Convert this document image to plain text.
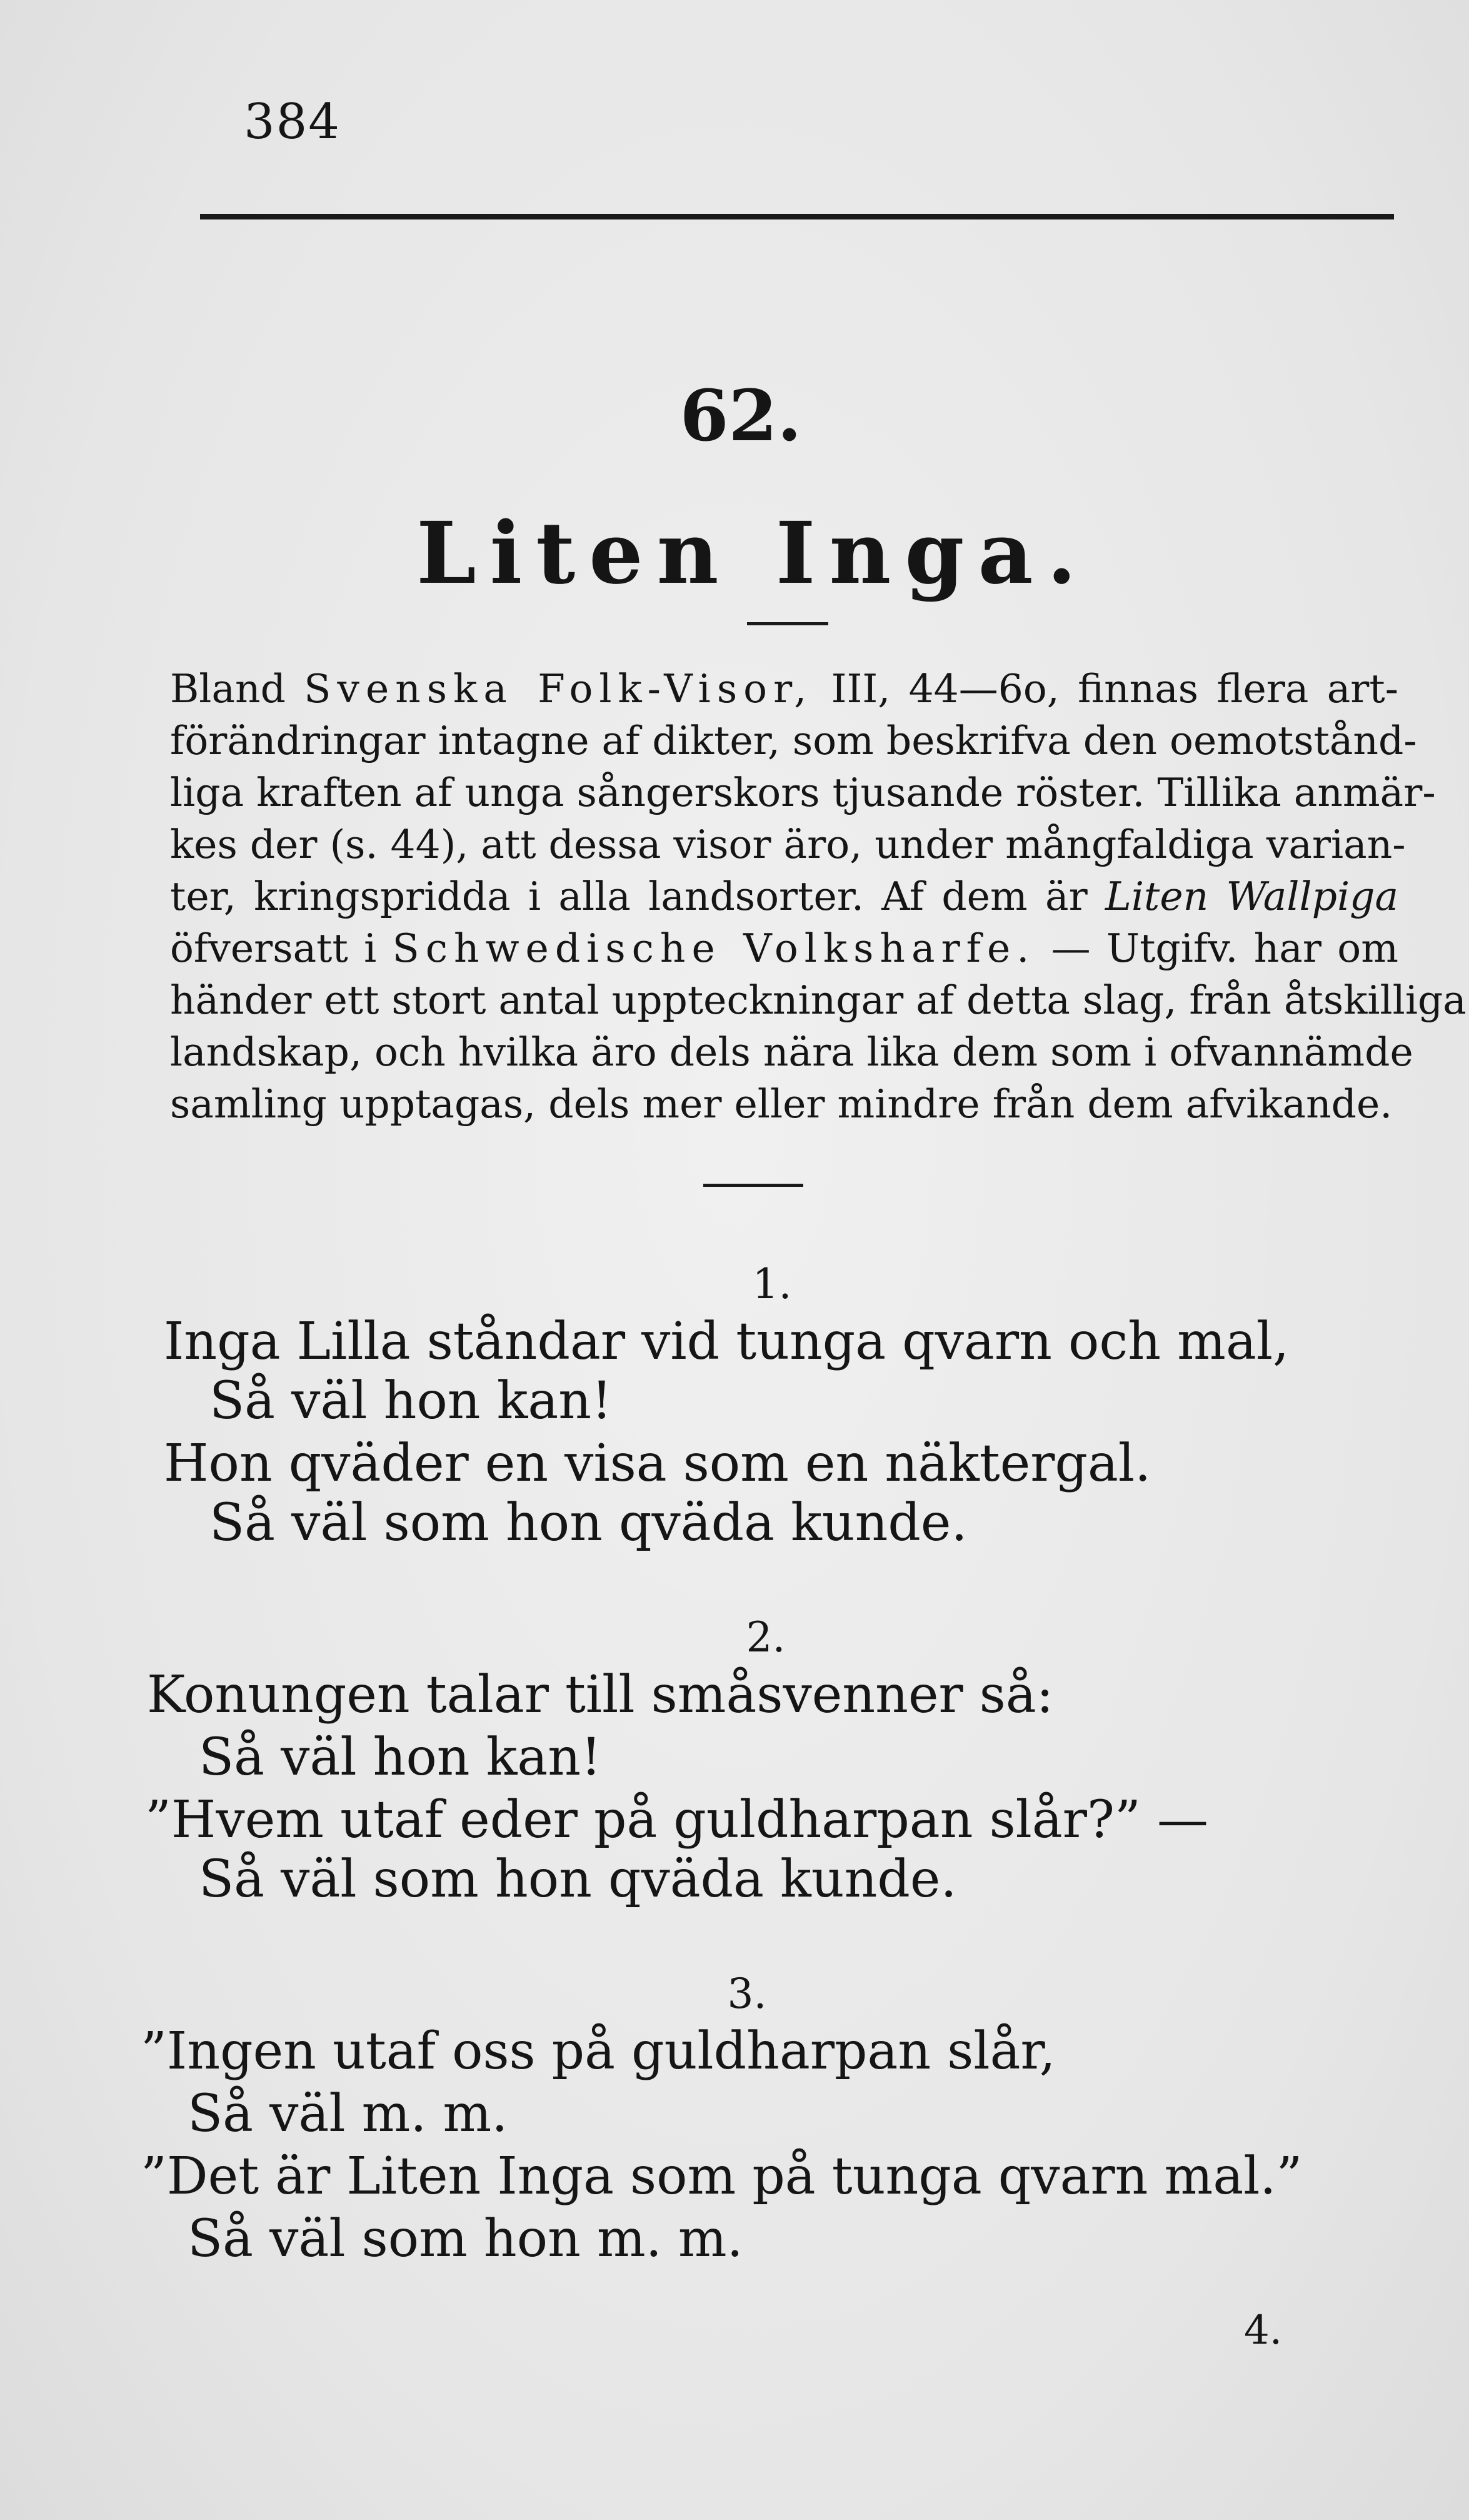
384
62.
Liten Inga.
Bland Svenska Folk-Visor, III, 44—6o, finnas flera art-
förändringar intagne af dikter, som beskrifva den oemotstånd-
liga kraften af unga sångerskors tjusande röster. Tillika anmär-
kes der (s. 44), att dessa visor äro, under mångfaldiga varian-
ter, kringspridda i alla landsorter. Af dem är Liten Wallpiga
öfversatt i Schwedische Volksharfe. — Utgifv. har om
händer ett stort antal uppteckningar af detta slag, från åtskilliga
landskap, och hvilka äro dels nära lika dem som i ofvannämde
samling upptagas, dels mer eller mindre från dem afvikande.
1.
Inga Lilla ståndar vid tunga qvarn och mal,
Så väl hon kan!
Hon qväder en visa som en näktergal.
Så väl som hon qväda kunde.
2.
Konungen talar till småsvenner så:
Så väl hon kan!
”Hvem utaf eder på guldharpan slår?” —
Så väl som hon qväda kunde.
3.
”Ingen utaf oss på guldharpan slår,
Så väl m. m.
”Det är Liten Inga som på tunga qvarn mal.”
Så väl som hon m. m.
4.
